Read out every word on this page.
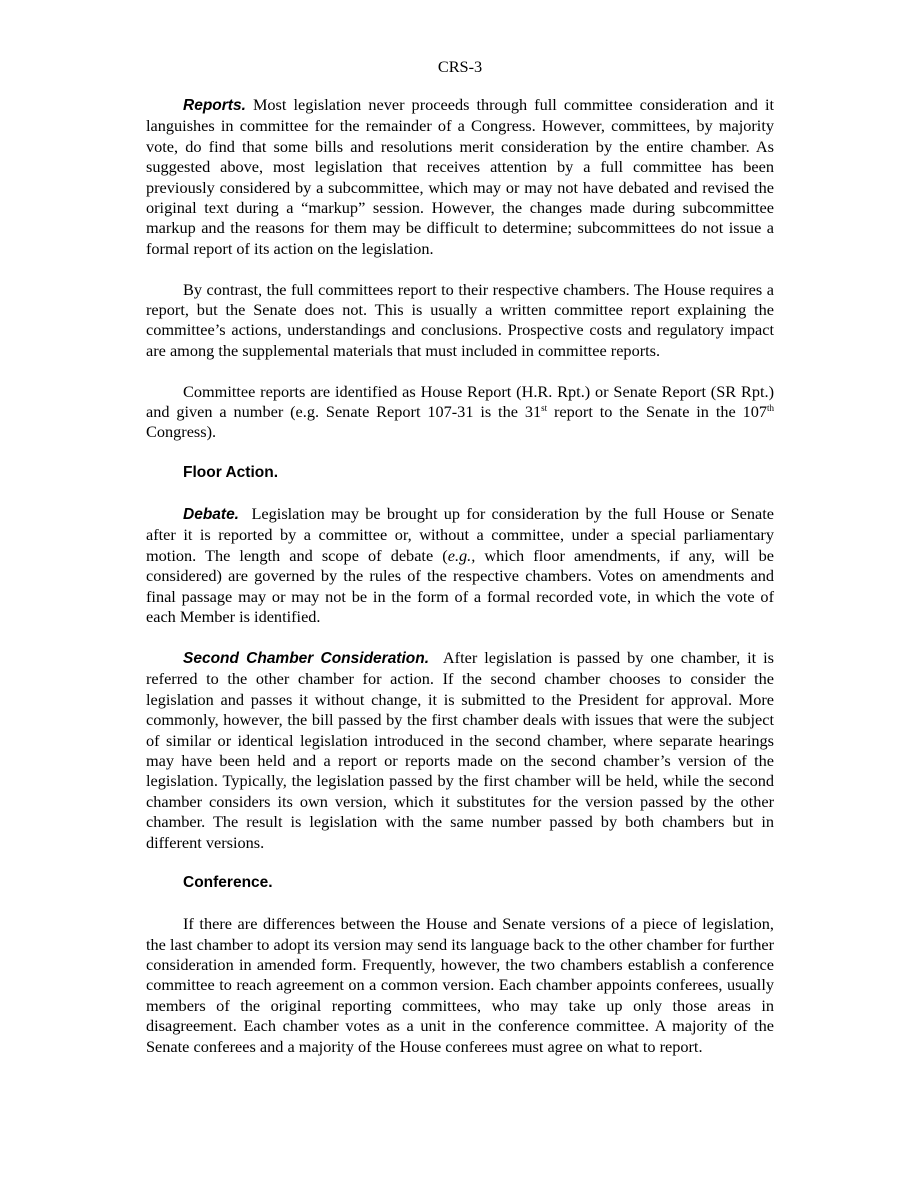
CRS-3

Reports. Most legislation never proceeds through full committee consideration and it languishes in committee for the remainder of a Congress. However, committees, by majority vote, do find that some bills and resolutions merit consideration by the entire chamber. As suggested above, most legislation that receives attention by a full committee has been previously considered by a subcommittee, which may or may not have debated and revised the original text during a “markup” session. However, the changes made during subcommittee markup and the reasons for them may be difficult to determine; subcommittees do not issue a formal report of its action on the legislation.

By contrast, the full committees report to their respective chambers. The House requires a report, but the Senate does not. This is usually a written committee report explaining the committee’s actions, understandings and conclusions. Prospective costs and regulatory impact are among the supplemental materials that must included in committee reports.

Committee reports are identified as House Report (H.R. Rpt.) or Senate Report (SR Rpt.) and given a number (e.g. Senate Report 107-31 is the 31st report to the Senate in the 107th Congress).

Floor Action.

Debate. Legislation may be brought up for consideration by the full House or Senate after it is reported by a committee or, without a committee, under a special parliamentary motion. The length and scope of debate (e.g., which floor amendments, if any, will be considered) are governed by the rules of the respective chambers. Votes on amendments and final passage may or may not be in the form of a formal recorded vote, in which the vote of each Member is identified.

Second Chamber Consideration. After legislation is passed by one chamber, it is referred to the other chamber for action. If the second chamber chooses to consider the legislation and passes it without change, it is submitted to the President for approval. More commonly, however, the bill passed by the first chamber deals with issues that were the subject of similar or identical legislation introduced in the second chamber, where separate hearings may have been held and a report or reports made on the second chamber’s version of the legislation. Typically, the legislation passed by the first chamber will be held, while the second chamber considers its own version, which it substitutes for the version passed by the other chamber. The result is legislation with the same number passed by both chambers but in different versions.

Conference.

If there are differences between the House and Senate versions of a piece of legislation, the last chamber to adopt its version may send its language back to the other chamber for further consideration in amended form. Frequently, however, the two chambers establish a conference committee to reach agreement on a common version. Each chamber appoints conferees, usually members of the original reporting committees, who may take up only those areas in disagreement. Each chamber votes as a unit in the conference committee. A majority of the Senate conferees and a majority of the House conferees must agree on what to report.
